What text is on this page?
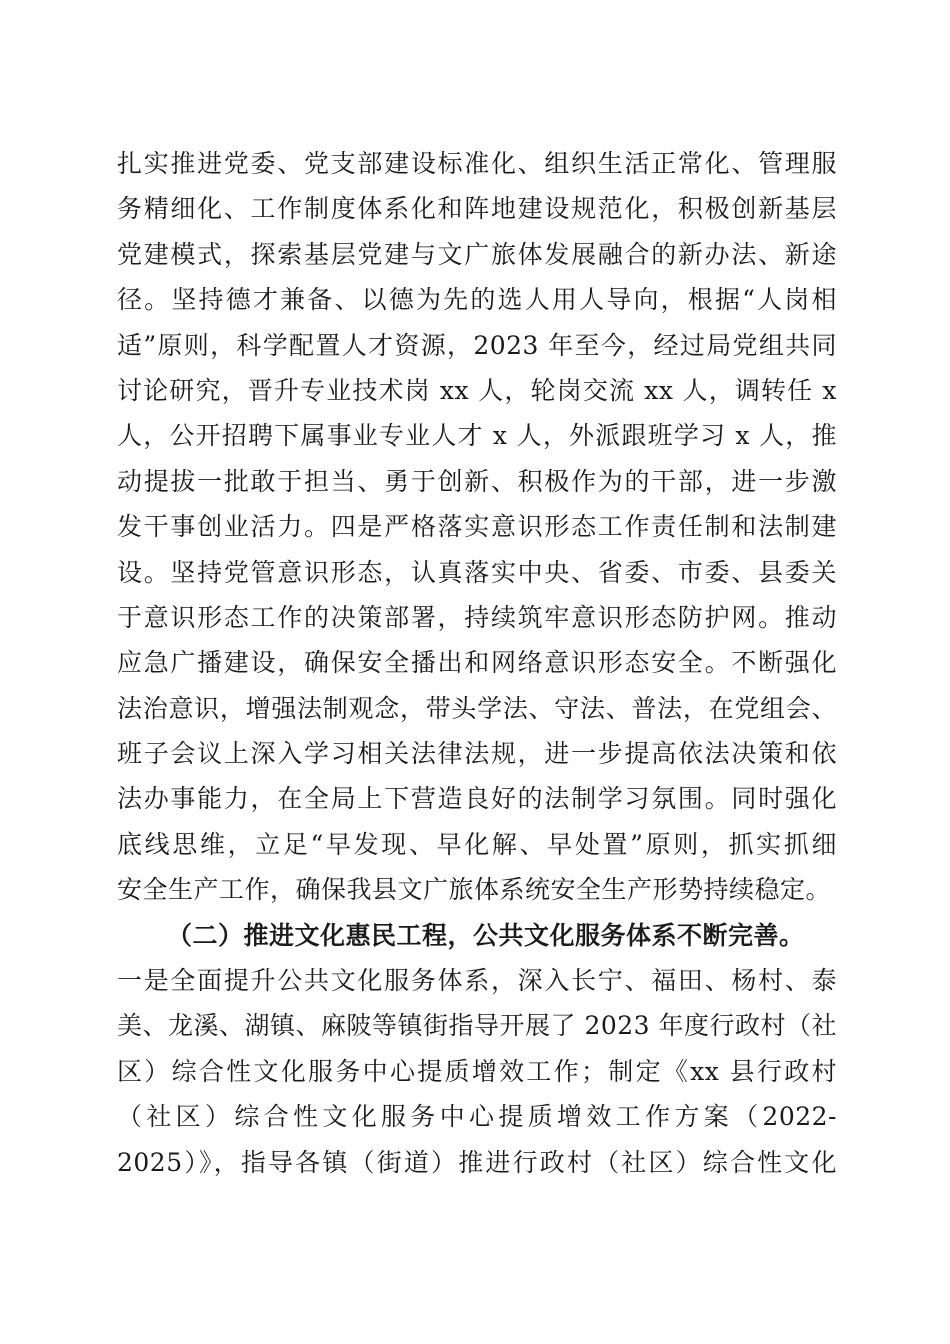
扎实推进党委、党支部建设标准化、组织生活正常化、管理服
务精细化、工作制度体系化和阵地建设规范化，积极创新基层
党建模式，探索基层党建与文广旅体发展融合的新办法、新途
径。坚持德才兼备、以德为先的选人用人导向，根据“人岗相
适”原则，科学配置人才资源，2023 年至今，经过局党组共同
讨论研究，晋升专业技术岗 xx 人，轮岗交流 xx 人，调转任 x
人，公开招聘下属事业专业人才 x 人，外派跟班学习 x 人，推
动提拔一批敢于担当、勇于创新、积极作为的干部，进一步激
发干事创业活力。四是严格落实意识形态工作责任制和法制建
设。坚持党管意识形态，认真落实中央、省委、市委、县委关
于意识形态工作的决策部署，持续筑牢意识形态防护网。推动
应急广播建设，确保安全播出和网络意识形态安全。不断强化
法治意识，增强法制观念，带头学法、守法、普法，在党组会、
班子会议上深入学习相关法律法规，进一步提高依法决策和依
法办事能力，在全局上下营造良好的法制学习氛围。同时强化
底线思维，立足“早发现、早化解、早处置”原则，抓实抓细
安全生产工作，确保我县文广旅体系统安全生产形势持续稳定。
（二）推进文化惠民工程，公共文化服务体系不断完善。
一是全面提升公共文化服务体系，深入长宁、福田、杨村、泰
美、龙溪、湖镇、麻陂等镇街指导开展了 2023 年度行政村（社
区）综合性文化服务中心提质增效工作；制定《xx 县行政村
（社区）综合性文化服务中心提质增效工作方案（2022-
2025）》，指导各镇（街道）推进行政村（社区）综合性文化
